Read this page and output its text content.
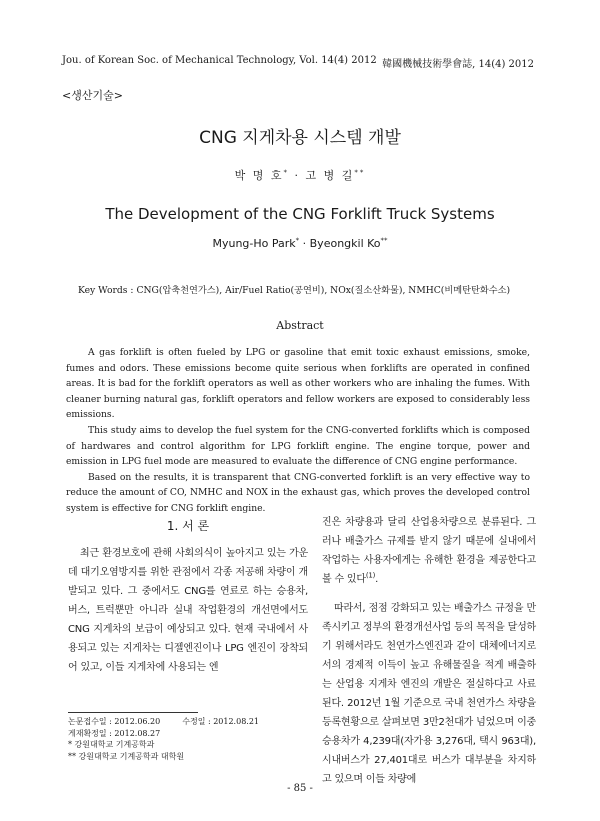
Jou. of Korean Soc. of Mechanical Technology, Vol. 14(4) 2012 韓國機械技術學會誌, 14(4) 2012
<생산기술>
CNG 지게차용 시스템 개발
박 명 호* · 고 병 길**
The Development of the CNG Forklift Truck Systems
Myung-Ho Park* · Byeongkil Ko**
Key Words : CNG(압축천연가스), Air/Fuel Ratio(공연비), NOx(질소산화물), NMHC(비메탄탄화수소)
Abstract

A gas forklift is often fueled by LPG or gasoline that emit toxic exhaust emissions, smoke, fumes and odors. These emissions become quite serious when forklifts are operated in confined areas. It is bad for the forklift operators as well as other workers who are inhaling the fumes. With cleaner burning natural gas, forklift operators and fellow workers are exposed to considerably less emissions.

This study aims to develop the fuel system for the CNG-converted forklifts which is composed of hardwares and control algorithm for LPG forklift engine. The engine torque, power and emission in LPG fuel mode are measured to evaluate the difference of CNG engine performance.

Based on the results, it is transparent that CNG-converted forklift is an very effective way to reduce the amount of CO, NMHC and NOX in the exhaust gas, which proves the developed control system is effective for CNG forklift engine.

1. 서 론

최근 환경보호에 관해 사회의식이 높아지고 있는 가운데 대기오염방지를 위한 관점에서 각종 저공해 차량이 개발되고 있다. 그 중에서도 CNG를 연료로 하는 승용차, 버스, 트럭뿐만 아니라 실내 작업환경의 개선면에서도 CNG 지게차의 보급이 예상되고 있다. 현재 국내에서 사용되고 있는 지게차는 디젤엔진이나 LPG 엔진이 장착되어 있고, 이들 지게차에 사용되는 엔

진은 차량용과 달리 산업용차량으로 분류된다. 그러나 배출가스 규제를 받지 않기 때문에 실내에서 작업하는 사용자에게는 유해한 환경을 제공한다고 볼 수 있다$^{(1)}$.

따라서, 점점 강화되고 있는 배출가스 규정을 만족시키고 정부의 환경개선사업 등의 목적을 달성하기 위해서라도 천연가스엔진과 같이 대체에너지로서의 경제적 이득이 높고 유해물질을 적게 배출하는 산업용 지게차 엔진의 개발은 절실하다고 사료된다. 2012년 1월 기준으로 국내 천연가스 차량을 등록현황으로 살펴보면 3만2천대가 넘었으며 이중 승용차가 4,239대(자가용 3,276대, 택시 963대), 시내버스가 27,401대로 버스가 대부분을 차지하고 있으며 이들 차량에

논문접수일 : 2012.06.20	수정일 : 2012.08.21
게재확정일 : 2012.08.27
* 강원대학교 기계공학과
** 강원대학교 기계공학과 대학원
- 85 -
